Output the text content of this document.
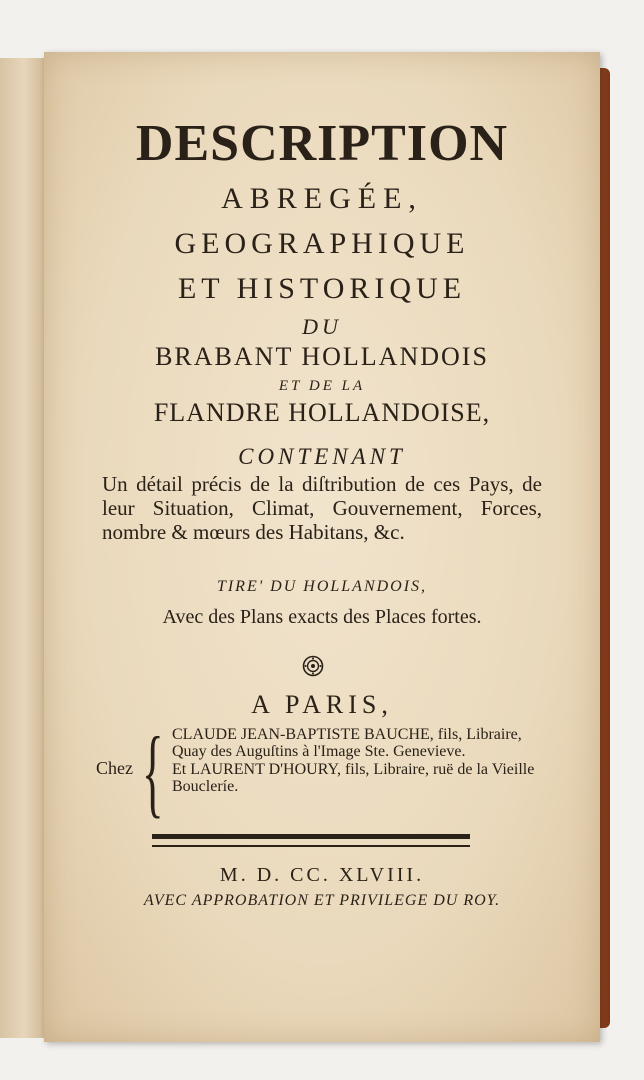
DESCRIPTION
ABREGÉE,
GEOGRAPHIQUE
ET HISTORIQUE
DU
BRABANT HOLLANDOIS
ET DE LA
FLANDRE HOLLANDOISE,
CONTENANT
Un détail précis de la diſtribution de ces Pays, de leur Situation, Climat, Gouvernement, Forces, nombre & mœurs des Habitans, &c.
TIRE' DU HOLLANDOIS,
Avec des Plans exacts des Places fortes.
A PARIS,
Chez { CLAUDE JEAN-BAPTISTE BAUCHE, fils, Libraire, Quay des Auguſtins à l'Image Ste. Genevieve.

Et LAURENT D'HOURY, fils, Libraire, ruë de la Vieille Boucleríe.

M. D. CC. XLVIII.
AVEC APPROBATION ET PRIVILEGE DU ROY.
